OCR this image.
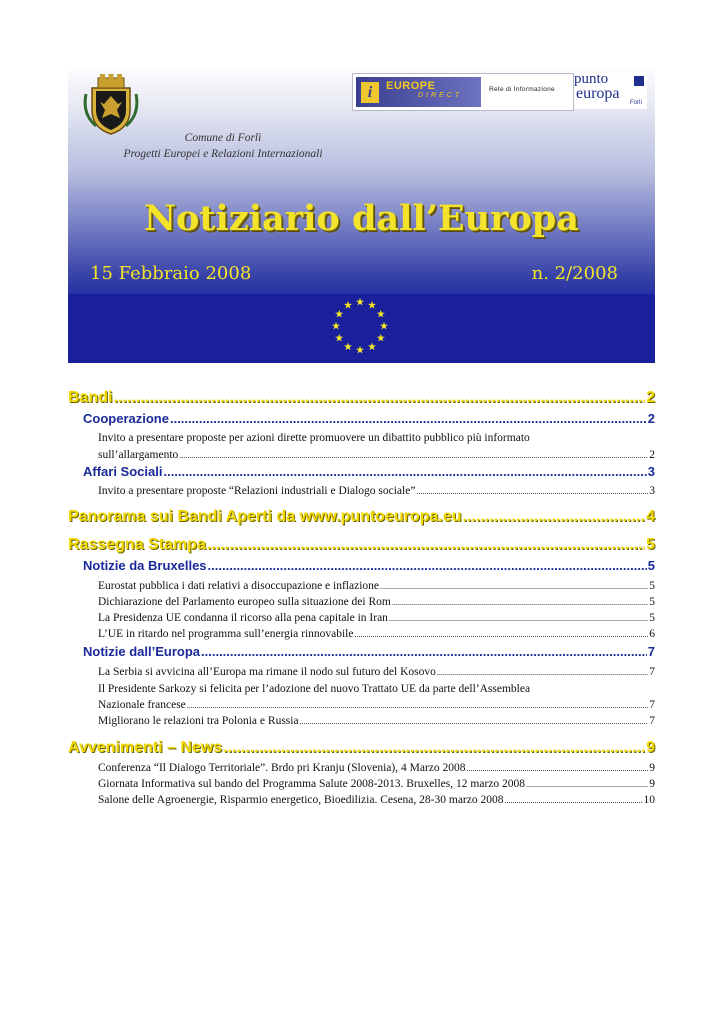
Comune di Forlì
Progetti Europei e Relazioni Internazionali
i	EUROPE
DIRECT
Rete di Informazione
punto
europa
Forlì
Notiziario dall’Europa
15 Febbraio 2008	n. 2/2008
Bandi .....	2
Cooperazione .....	2
Invito a presentare proposte per azioni dirette promuovere un dibattito pubblico più informato
sull’allargamento .....	2
Affari Sociali .....	3
Invito a presentare proposte “Relazioni industriali e Dialogo sociale” .....	3
Panorama sui Bandi Aperti da www.puntoeuropa.eu .....	4
Rassegna Stampa .....	5
Notizie da Bruxelles .....	5
Eurostat pubblica i dati relativi a disoccupazione e inflazione .....	5
Dichiarazione del Parlamento europeo sulla situazione dei Rom .....	5
La Presidenza UE condanna il ricorso alla pena capitale in Iran .....	5
L’UE in ritardo nel programma sull’energia rinnovabile .....	6
Notizie dall’Europa .....	7
La Serbia si avvicina all’Europa ma rimane il nodo sul futuro del Kosovo .....	7
Il Presidente Sarkozy si felicita per l’adozione del nuovo Trattato UE da parte dell’Assemblea
Nazionale francese .....	7
Migliorano le relazioni tra Polonia e Russia .....	7
Avvenimenti – News .....	9
Conferenza “Il Dialogo Territoriale”. Brdo pri Kranju (Slovenia), 4 Marzo 2008 .....	9
Giornata Informativa sul bando del Programma Salute 2008-2013. Bruxelles, 12 marzo 2008 .....	9
Salone delle Agroenergie, Risparmio energetico, Bioedilizia. Cesena, 28-30 marzo 2008 .....	10
